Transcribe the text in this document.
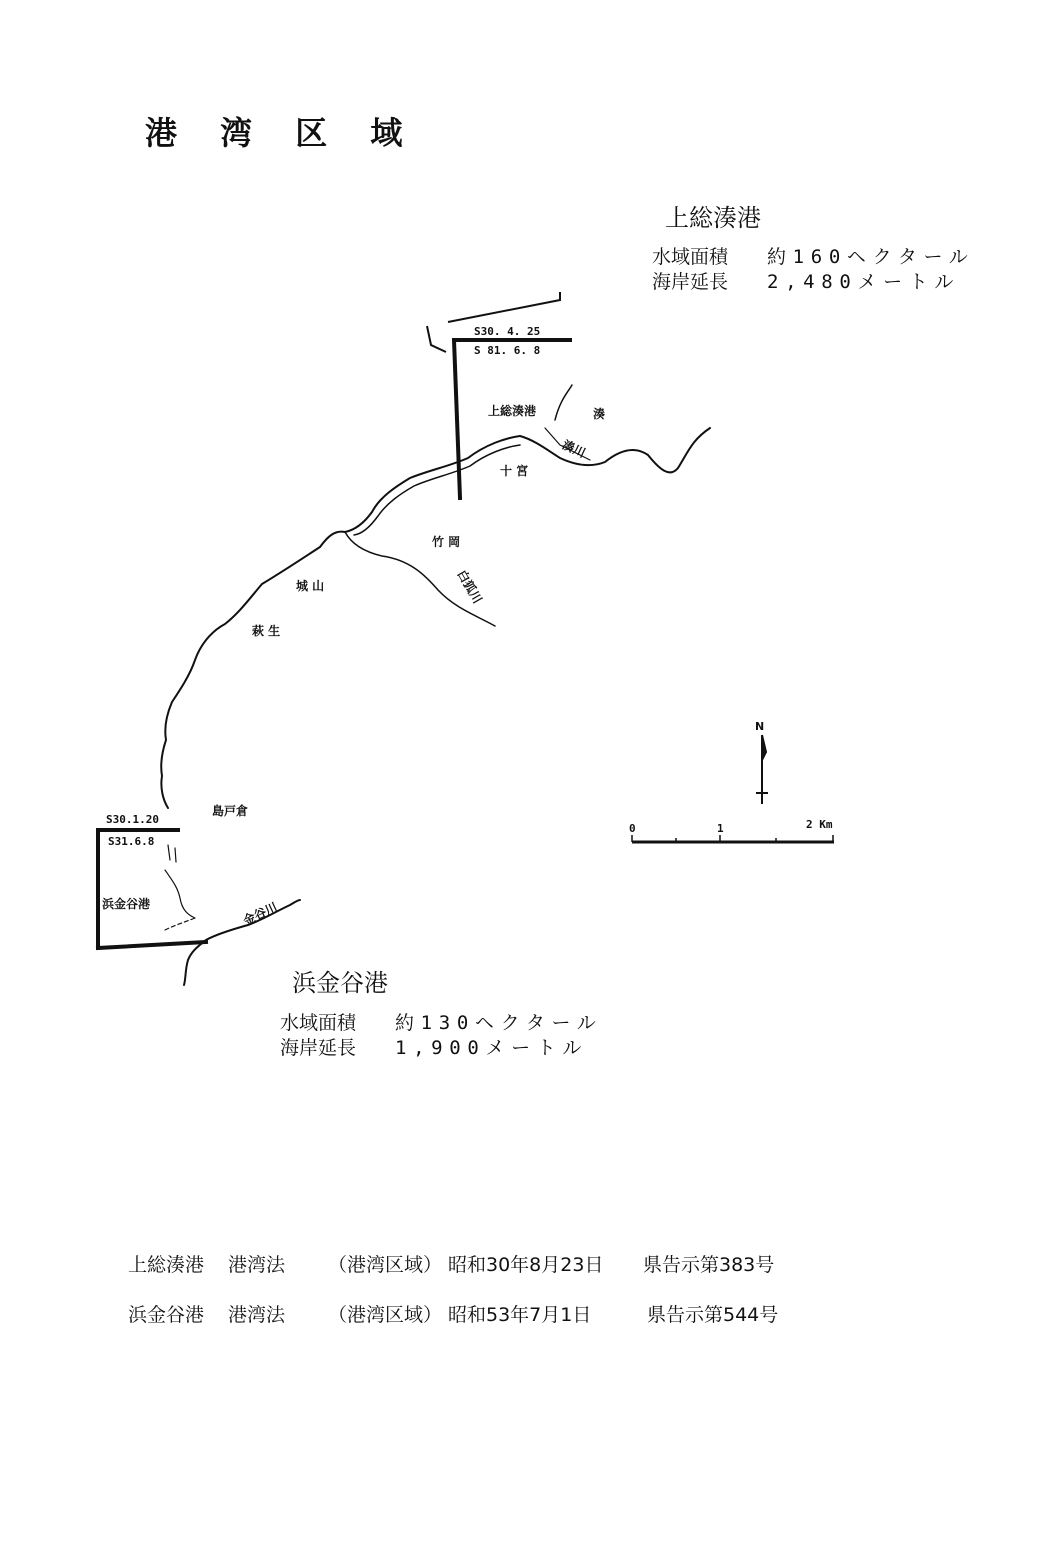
港 湾 区 域
上総湊港
水域面積 約160ヘクタール
海岸延長 2,480メートル
S30. 4. 25
S 81. 6. 8
S30.1.20
S31.6.8
上総湊港	湊
湊川
十 宮
竹 岡
白狐川
城 山
萩 生
島戸倉
浜金谷港	金谷川
N
0	1	2 Km
浜金谷港
水域面積 約130ヘクタール
海岸延長 1,900メートル
上総湊港 港湾法 （港湾区域） 昭和30年8月23日 県告示第383号
浜金谷港 港湾法 （港湾区域） 昭和53年7月1日	県告示第544号
